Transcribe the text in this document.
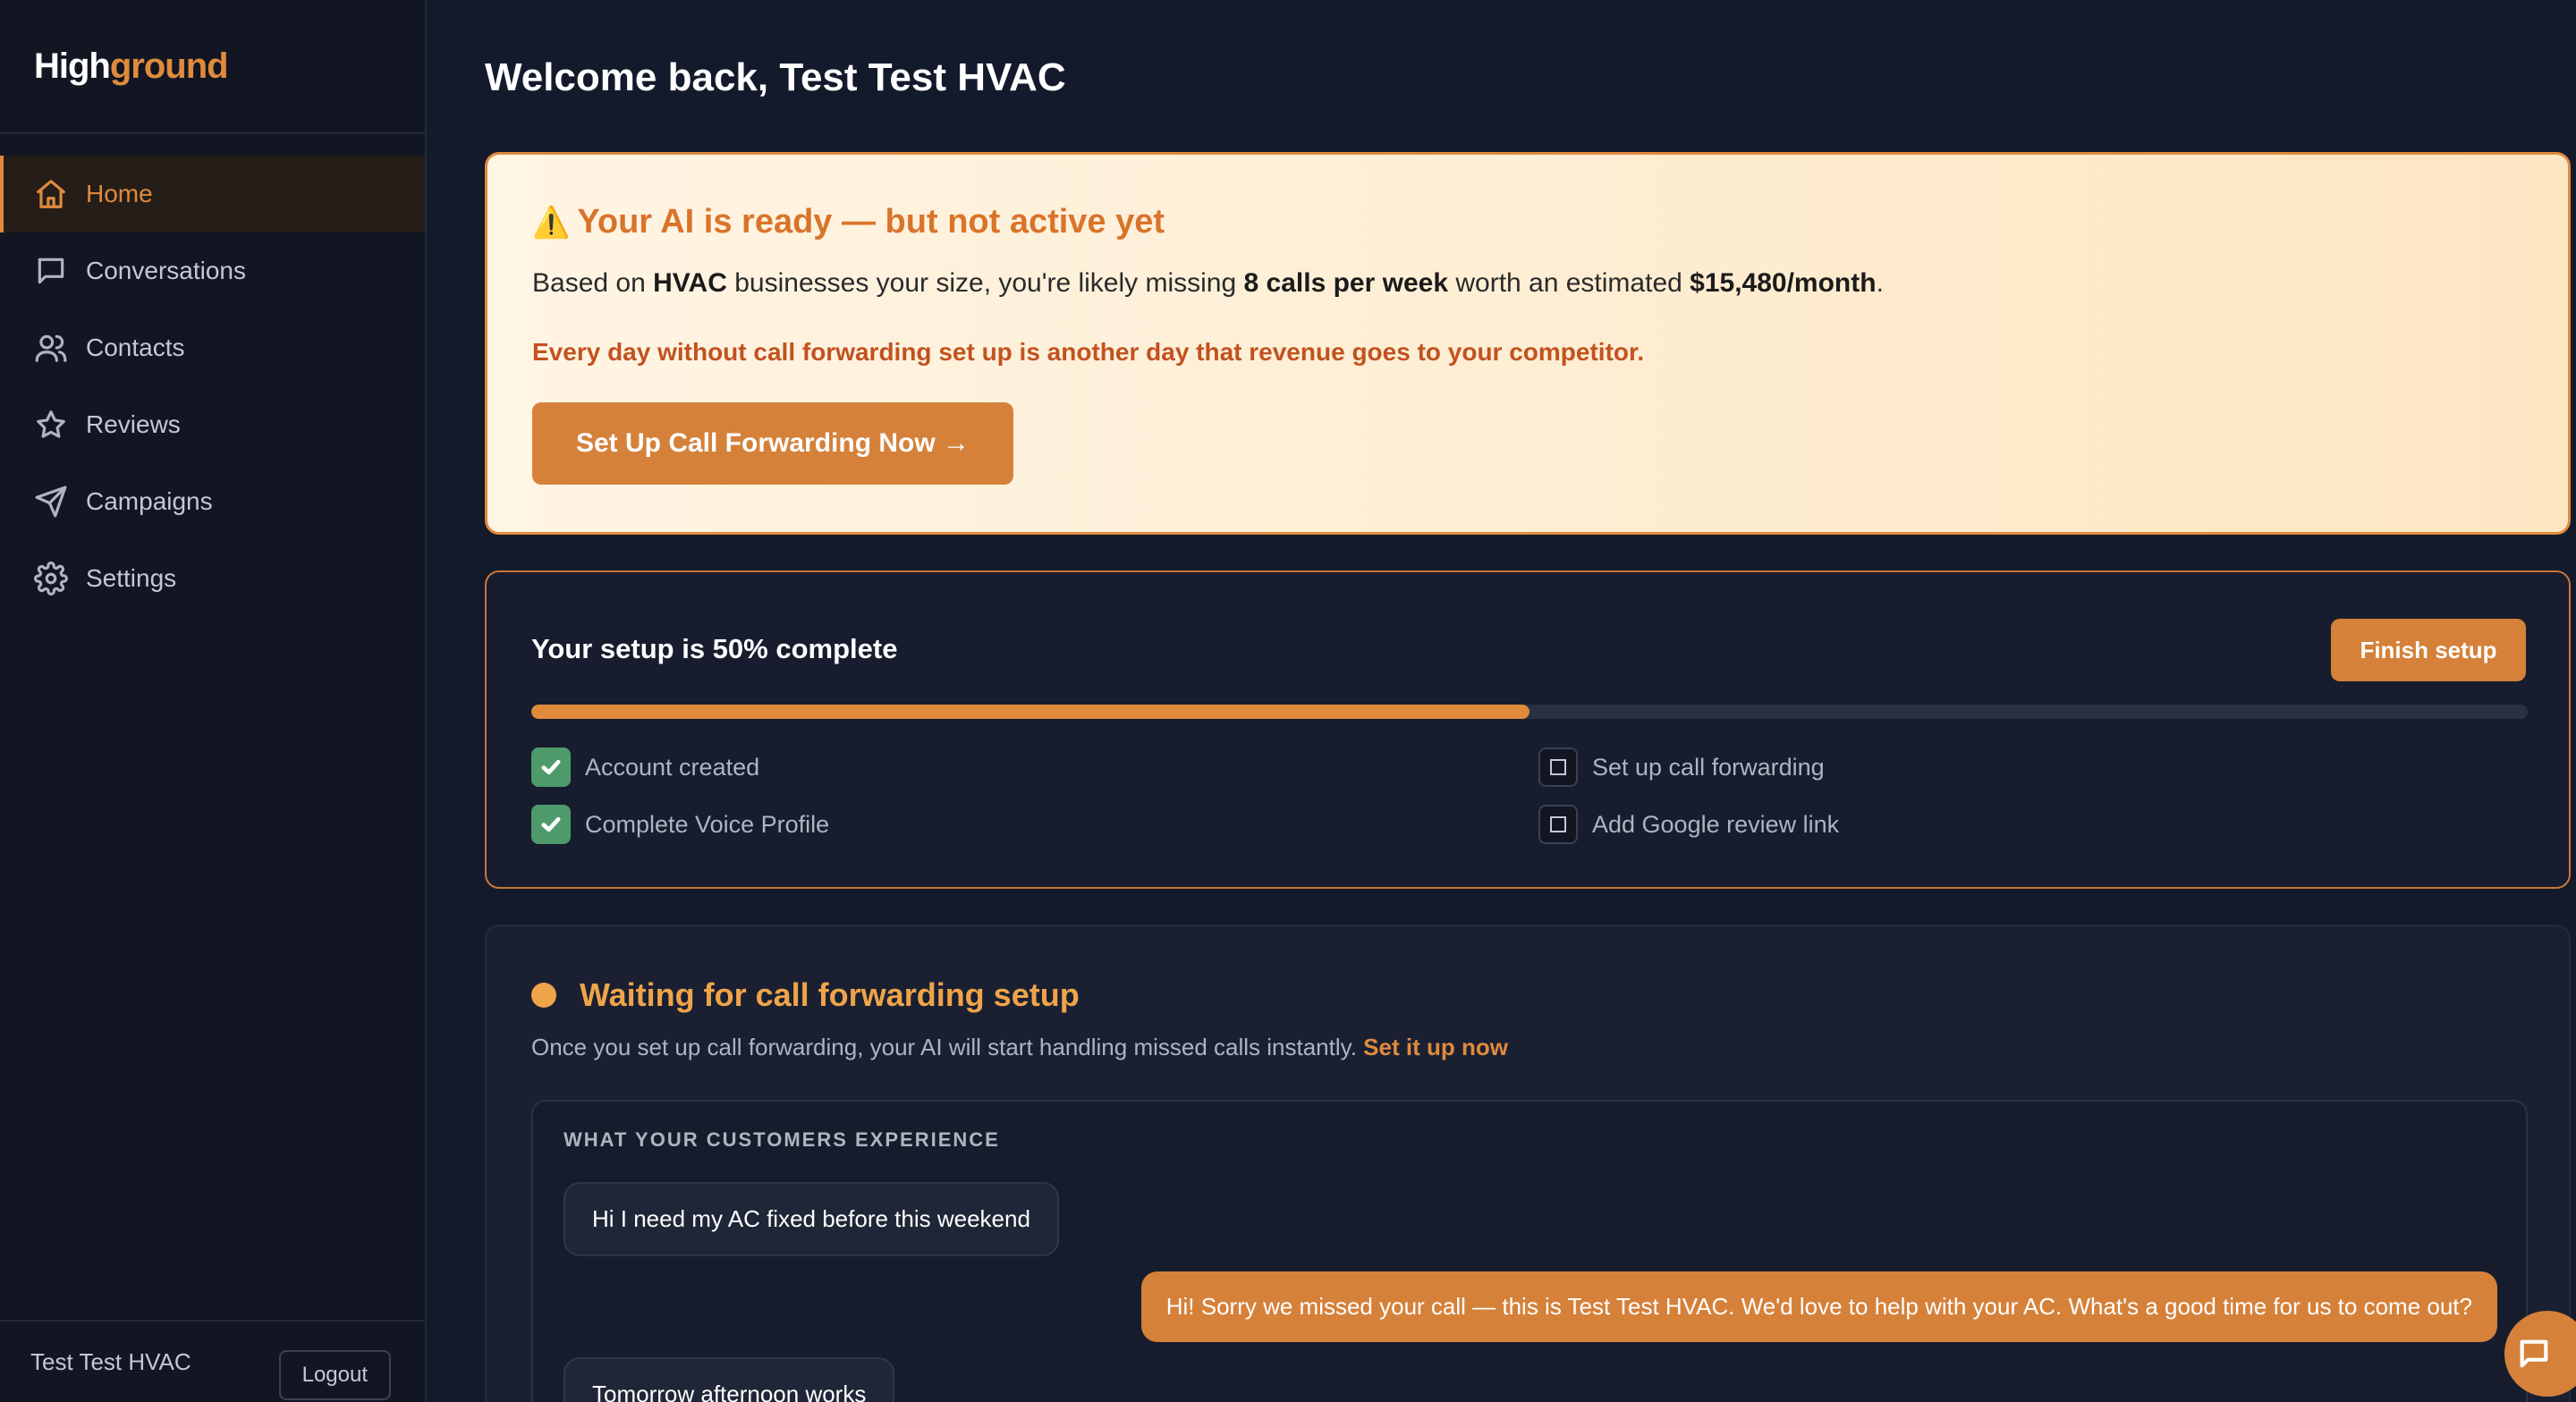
High ground
Home
Conversations
Contacts
Reviews
Campaigns
Settings
Test Test HVAC	Logout
Welcome back, Test Test HVAC
⚠️ Your AI is ready — but not active yet

Based on HVAC businesses your size, you're likely missing 8 calls per week worth an estimated $15,480/month.

Every day without call forwarding set up is another day that revenue goes to your competitor.

Set Up Call Forwarding Now →
Your setup is 50% complete	Finish setup
Account created	Set up call forwarding
Complete Voice Profile	Add Google review link
Waiting for call forwarding setup

Once you set up call forwarding, your AI will start handling missed calls instantly. Set it up now

WHAT YOUR CUSTOMERS EXPERIENCE
Hi I need my AC fixed before this weekend
Hi! Sorry we missed your call — this is Test Test HVAC. We'd love to help with your AC. What's a good time for us to come out?
Tomorrow afternoon works
